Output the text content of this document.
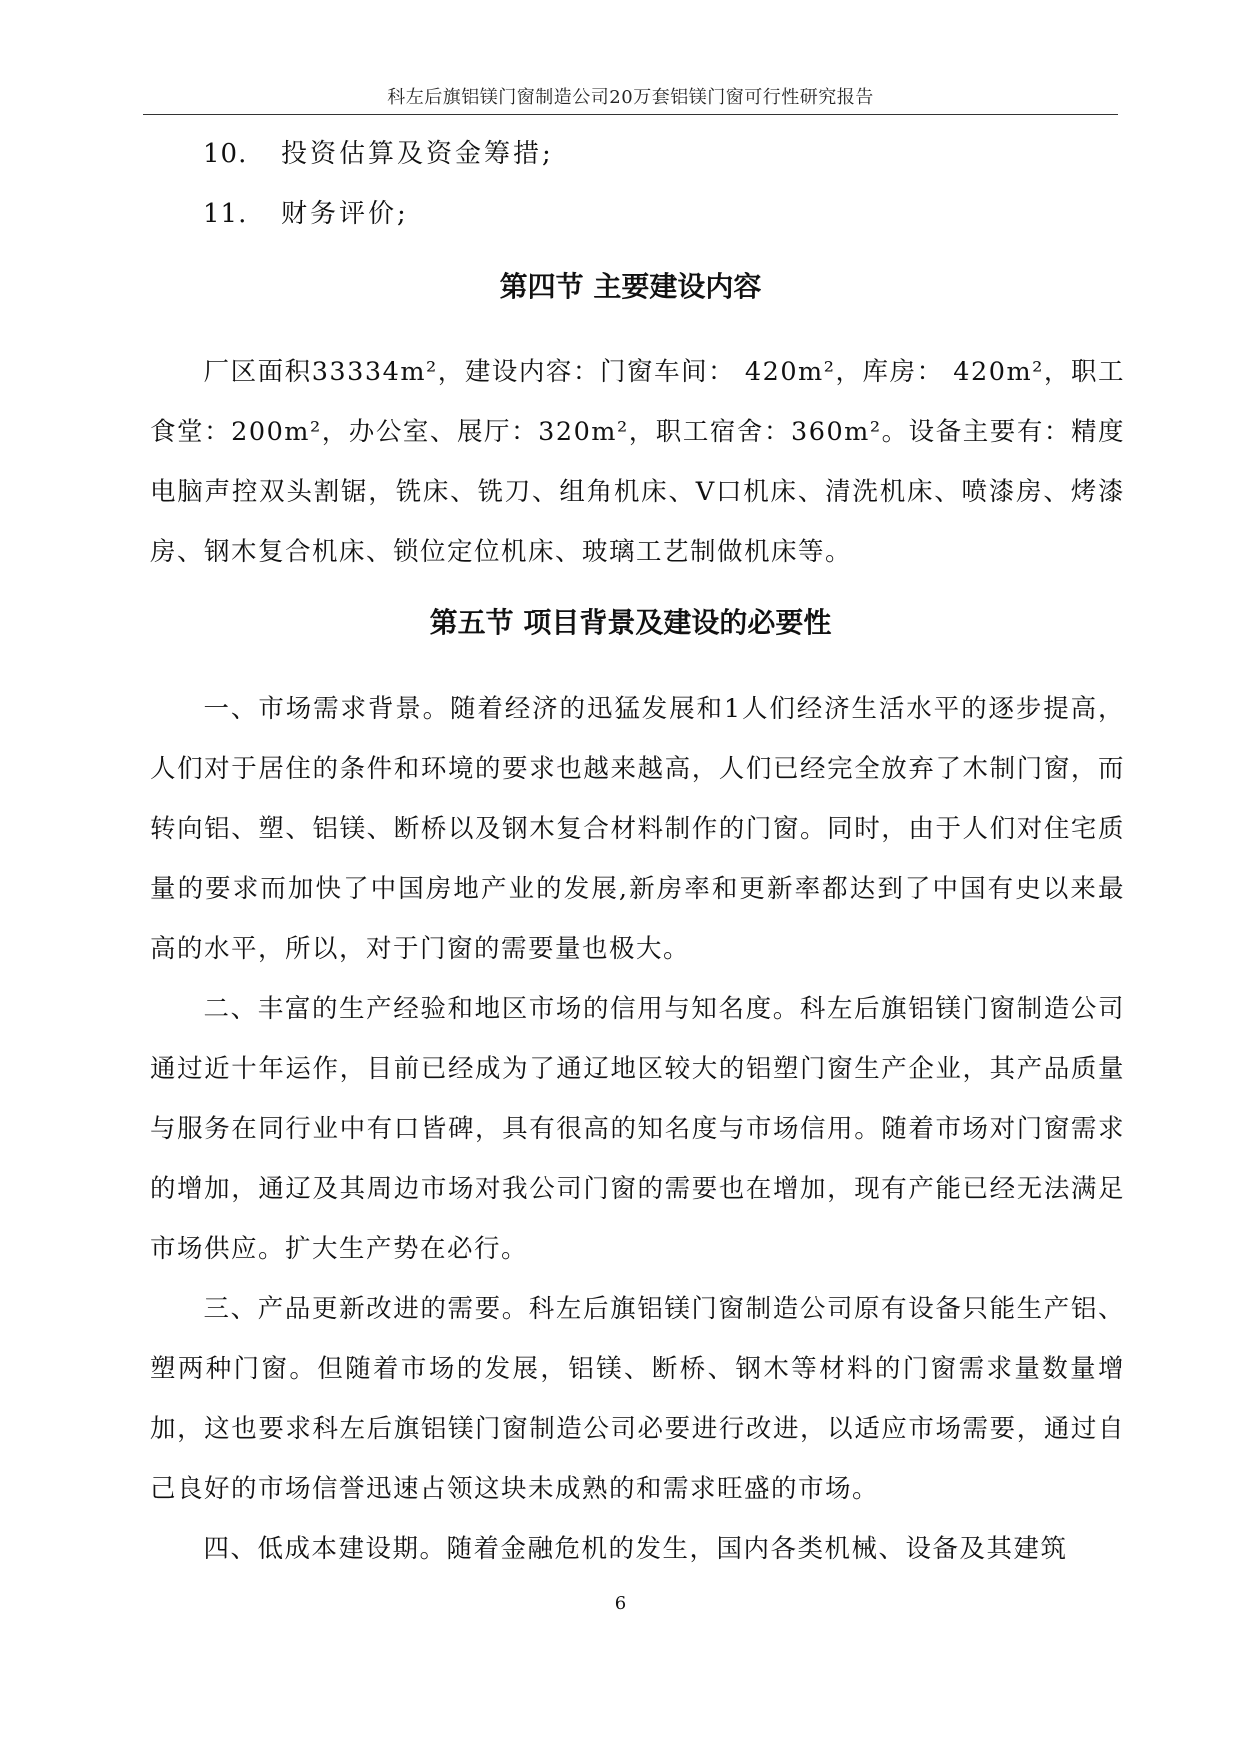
科左后旗铝镁门窗制造公司20万套铝镁门窗可行性研究报告
10. 投资估算及资金筹措;
11. 财务评价;
第四节 主要建设内容

厂区面积33334m²，建设内容：门窗车间： 420m²，库房： 420m²，职工食堂：200m²，办公室、展厅：320m²，职工宿舍：360m²。设备主要有：精度电脑声控双头割锯，铣床、铣刀、组角机床、V口机床、清洗机床、喷漆房、烤漆房、钢木复合机床、锁位定位机床、玻璃工艺制做机床等。

第五节 项目背景及建设的必要性

一、市场需求背景。随着经济的迅猛发展和1人们经济生活水平的逐步提高，人们对于居住的条件和环境的要求也越来越高，人们已经完全放弃了木制门窗，而转向铝、塑、铝镁、断桥以及钢木复合材料制作的门窗。同时，由于人们对住宅质量的要求而加快了中国房地产业的发展,新房率和更新率都达到了中国有史以来最高的水平，所以，对于门窗的需要量也极大。

二、丰富的生产经验和地区市场的信用与知名度。科左后旗铝镁门窗制造公司通过近十年运作，目前已经成为了通辽地区较大的铝塑门窗生产企业，其产品质量与服务在同行业中有口皆碑，具有很高的知名度与市场信用。随着市场对门窗需求的增加，通辽及其周边市场对我公司门窗的需要也在增加，现有产能已经无法满足市场供应。扩大生产势在必行。

三、产品更新改进的需要。科左后旗铝镁门窗制造公司原有设备只能生产铝、塑两种门窗。但随着市场的发展，铝镁、断桥、钢木等材料的门窗需求量数量增加，这也要求科左后旗铝镁门窗制造公司必要进行改进，以适应市场需要，通过自己良好的市场信誉迅速占领这块未成熟的和需求旺盛的市场。

四、低成本建设期。随着金融危机的发生，国内各类机械、设备及其建筑

6
